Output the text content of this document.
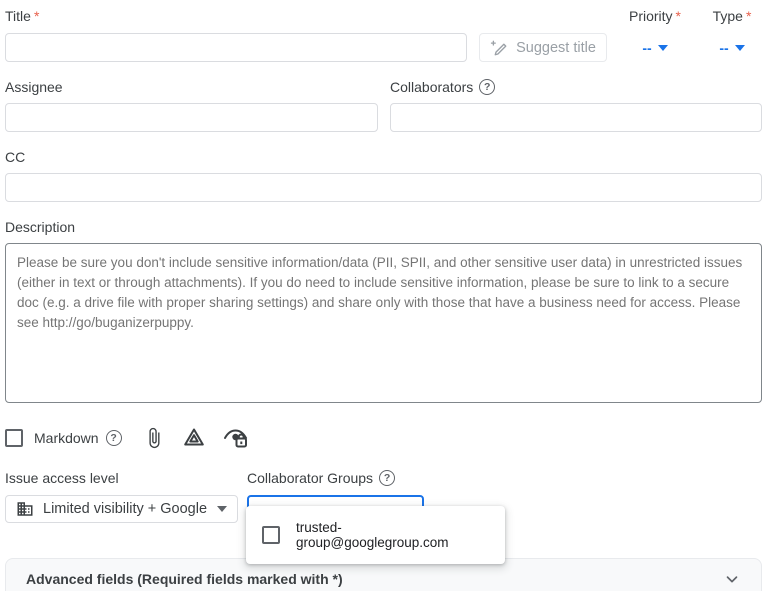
Title *	Priority *	Type *
Suggest title	--	--
Assignee	Collaborators	?
CC
Description Please be sure you don't include sensitive information/data (PII, SPII, and other sensitive user data) in unrestricted issues (either in text or through attachments). If you do need to include sensitive information, please be sure to link to a secure doc (e.g. a drive file with proper sharing settings) and share only with those that have a business need for access. Please see http://go/buganizerpuppy.
Markdown	?
Issue access level	Collaborator Groups	?
Limited visibility + Google
trusted-group@googlegroup.com
Advanced fields (Required fields marked with *)
